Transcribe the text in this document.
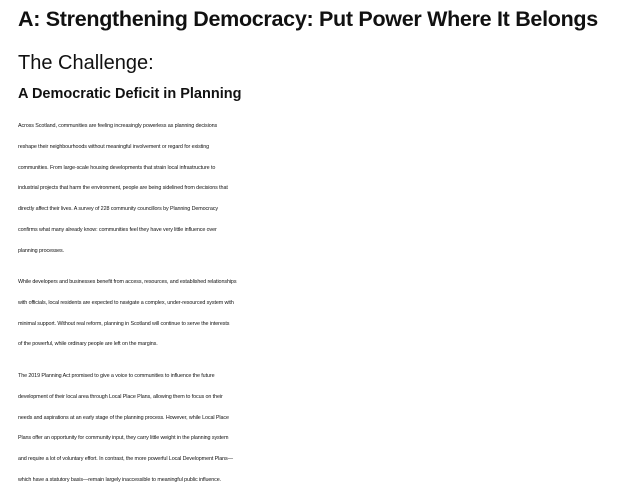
A: Strengthening Democracy: Put Power Where It Belongs
The Challenge:
A Democratic Deficit in Planning

Across Scotland, communities are feeling increasingly powerless as planning decisions
reshape their neighbourhoods without meaningful involvement or regard for existing
communities. From large-scale housing developments that strain local infrastructure to
industrial projects that harm the environment, people are being sidelined from decisions that
directly affect their lives. A survey of 228 community councillors by Planning Democracy
confirms what many already know: communities feel they have very little influence over
planning processes.

While developers and businesses benefit from access, resources, and established relationships
with officials, local residents are expected to navigate a complex, under-resourced system with
minimal support. Without real reform, planning in Scotland will continue to serve the interests
of the powerful, while ordinary people are left on the margins.

The 2019 Planning Act promised to give a voice to communities to influence the future
development of their local area through Local Place Plans, allowing them to focus on their
needs and aspirations at an early stage of the planning process. However, while Local Place
Plans offer an opportunity for community input, they carry little weight in the planning system
and require a lot of voluntary effort. In contrast, the more powerful Local Development Plans—
which have a statutory basis—remain largely inaccessible to meaningful public influence.
